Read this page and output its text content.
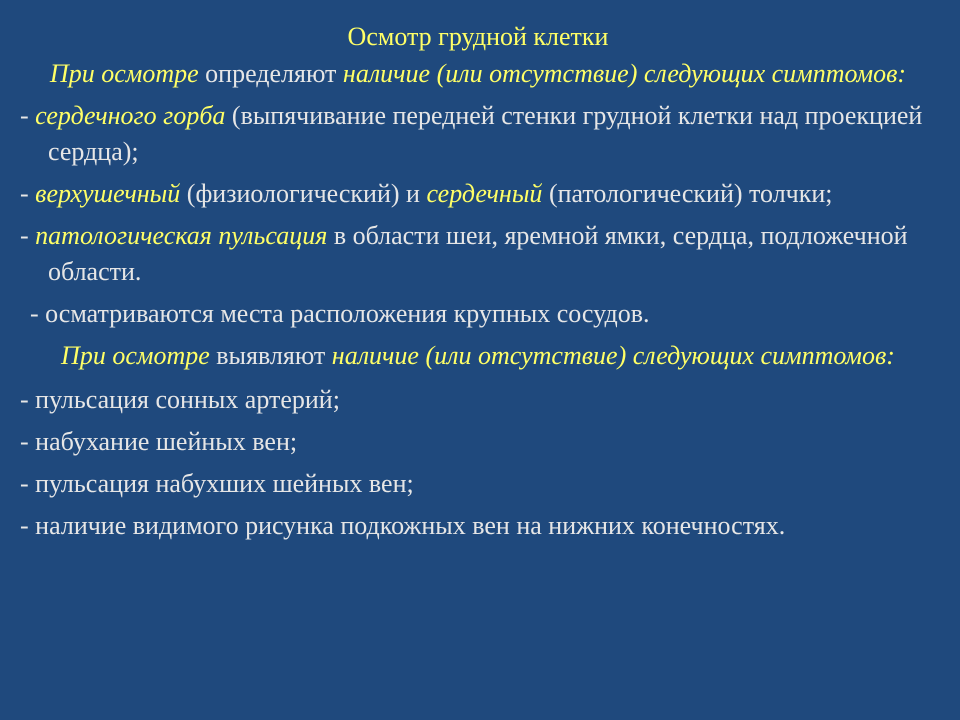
Осмотр грудной клетки

При осмотре определяют наличие (или отсутствие) следующих симптомов:

- сердечного горба (выпячивание передней стенки грудной клетки над проекцией сердца);

- верхушечный (физиологический) и сердечный (патологический) толчки;

- патологическая пульсация в области шеи, яремной ямки, сердца, подложечной области.

- осматриваются места расположения крупных сосудов.

При осмотре выявляют наличие (или отсутствие) следующих симптомов:

- пульсация сонных артерий;

- набухание шейных вен;

- пульсация набухших шейных вен;

- наличие видимого рисунка подкожных вен на нижних конечностях.
